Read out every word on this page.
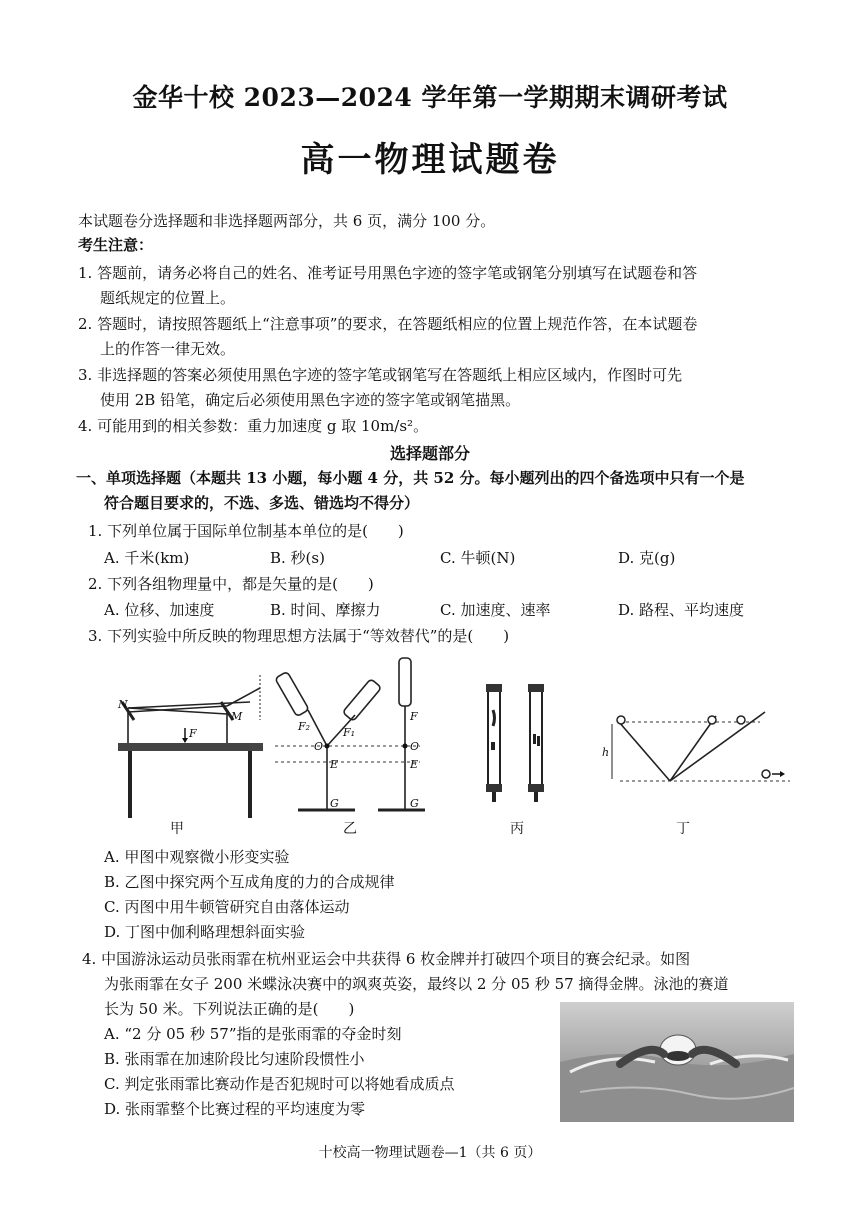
金华十校 2023—2024 学年第一学期期末调研考试
高一物理试题卷
本试题卷分选择题和非选择题两部分，共 6 页，满分 100 分。
考生注意：
1. 答题前，请务必将自己的姓名、准考证号用黑色字迹的签字笔或钢笔分别填写在试题卷和答
题纸规定的位置上。
2. 答题时，请按照答题纸上“注意事项”的要求，在答题纸相应的位置上规范作答，在本试题卷
上的作答一律无效。
3. 非选择题的答案必须使用黑色字迹的签字笔或钢笔写在答题纸上相应区域内，作图时可先
使用 2B 铅笔，确定后必须使用黑色字迹的签字笔或钢笔描黑。
4. 可能用到的相关参数：重力加速度 g 取 10m/s²。
选择题部分
一、单项选择题（本题共 13 小题，每小题 4 分，共 52 分。每小题列出的四个备选项中只有一个是
符合题目要求的，不选、多选、错选均不得分）
1. 下列单位属于国际单位制基本单位的是(　　)
A. 千米(km)	B. 秒(s)	C. 牛顿(N)	D. 克(g)
2. 下列各组物理量中，都是矢量的是(　　)
A. 位移、加速度	B. 时间、摩擦力	C. 加速度、速率	D. 路程、平均速度
3. 下列实验中所反映的物理思想方法属于“等效替代”的是(　　)
N
M
F
F₂	F₁
O
E
G
F
O
E
G
h
甲	乙	丙	丁
A. 甲图中观察微小形变实验
B. 乙图中探究两个互成角度的力的合成规律
C. 丙图中用牛顿管研究自由落体运动
D. 丁图中伽利略理想斜面实验
4. 中国游泳运动员张雨霏在杭州亚运会中共获得 6 枚金牌并打破四个项目的赛会纪录。如图
为张雨霏在女子 200 米蝶泳决赛中的飒爽英姿，最终以 2 分 05 秒 57 摘得金牌。泳池的赛道
长为 50 米。下列说法正确的是(　　)
A. “2 分 05 秒 57”指的是张雨霏的夺金时刻
B. 张雨霏在加速阶段比匀速阶段惯性小
C. 判定张雨霏比赛动作是否犯规时可以将她看成质点
D. 张雨霏整个比赛过程的平均速度为零
十校高一物理试题卷—1（共 6 页）
